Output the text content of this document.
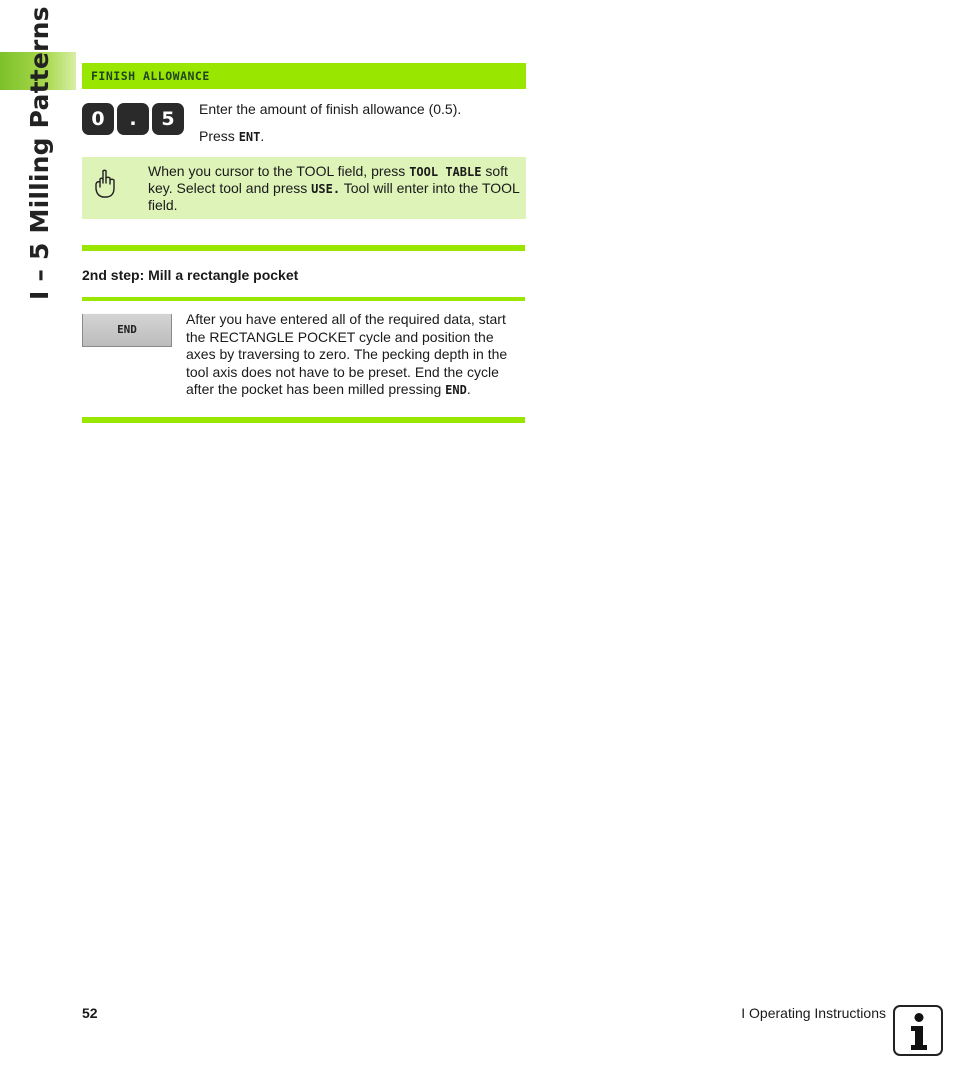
I – 5 Milling Patterns	FINISH ALLOWANCE
0	.	5	Enter the amount of finish allowance (0.5).
Press ENT.
When you cursor to the TOOL field, press TOOL TABLE soft key. Select tool and press USE. Tool will enter into the TOOL field.
2nd step: Mill a rectangle pocket
END
After you have entered all of the required data, start the RECTANGLE POCKET cycle and position the axes by traversing to zero. The pecking depth in the tool axis does not have to be preset. End the cycle after the pocket has been milled pressing END.
52	I Operating Instructions
